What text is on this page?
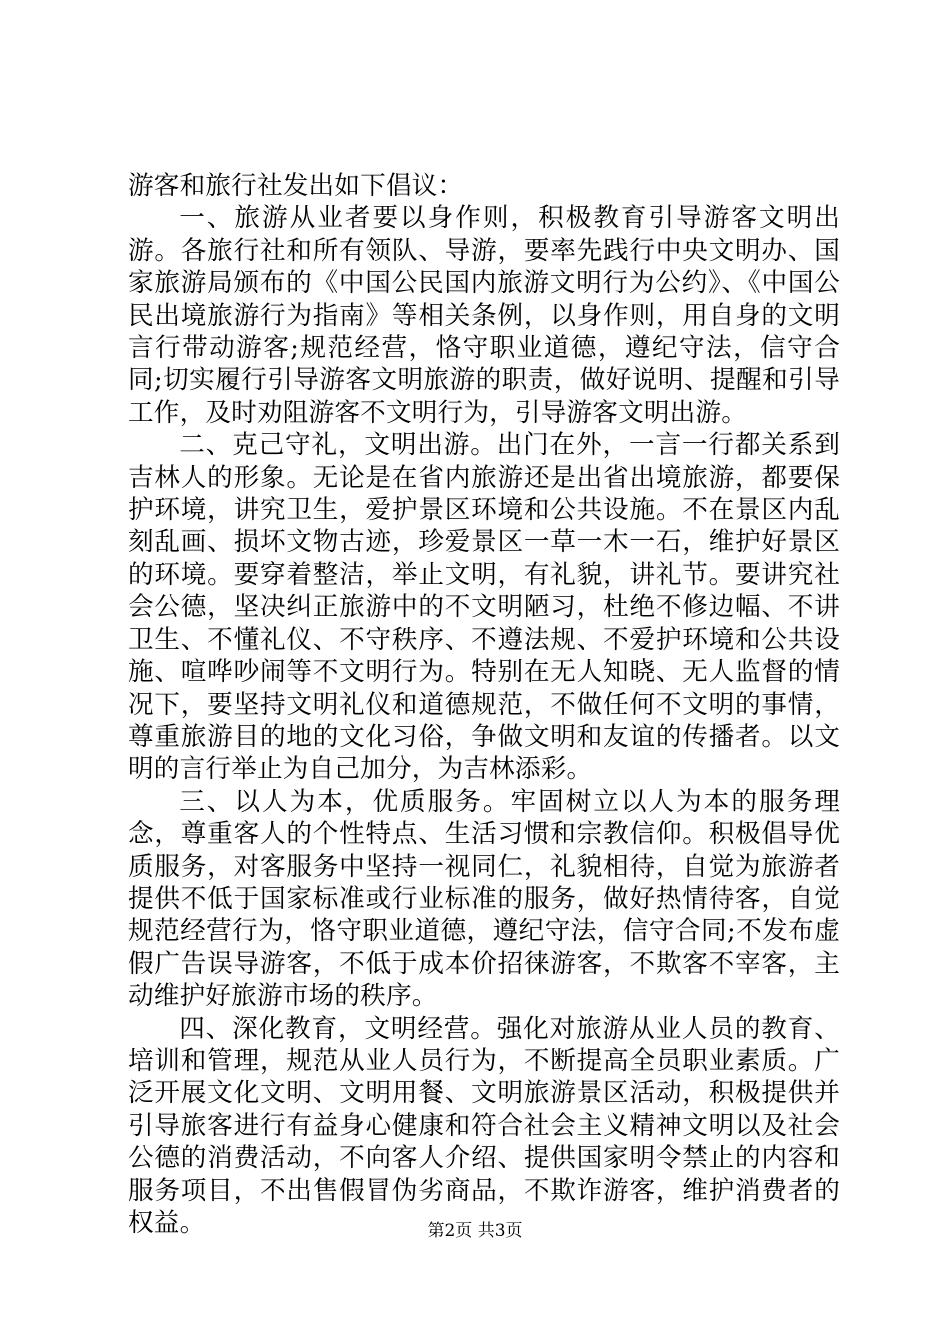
游客和旅行社发出如下倡议：

一、旅游从业者要以身作则，积极教育引导游客文明出游。各旅行社和所有领队、导游，要率先践行中央文明办、国家旅游局颁布的《中国公民国内旅游文明行为公约》、《中国公民出境旅游行为指南》等相关条例，以身作则，用自身的文明言行带动游客;规范经营，恪守职业道德，遵纪守法，信守合同;切实履行引导游客文明旅游的职责，做好说明、提醒和引导工作，及时劝阻游客不文明行为，引导游客文明出游。

二、克己守礼，文明出游。出门在外，一言一行都关系到吉林人的形象。无论是在省内旅游还是出省出境旅游，都要保护环境，讲究卫生，爱护景区环境和公共设施。不在景区内乱刻乱画、损坏文物古迹，珍爱景区一草一木一石，维护好景区的环境。要穿着整洁，举止文明，有礼貌，讲礼节。要讲究社会公德，坚决纠正旅游中的不文明陋习，杜绝不修边幅、不讲卫生、不懂礼仪、不守秩序、不遵法规、不爱护环境和公共设施、喧哗吵闹等不文明行为。特别在无人知晓、无人监督的情况下，要坚持文明礼仪和道德规范，不做任何不文明的事情，尊重旅游目的地的文化习俗，争做文明和友谊的传播者。以文明的言行举止为自己加分，为吉林添彩。

三、以人为本，优质服务。牢固树立以人为本的服务理念，尊重客人的个性特点、生活习惯和宗教信仰。积极倡导优质服务，对客服务中坚持一视同仁，礼貌相待，自觉为旅游者提供不低于国家标准或行业标准的服务，做好热情待客，自觉规范经营行为，恪守职业道德，遵纪守法，信守合同;不发布虚假广告误导游客，不低于成本价招徕游客，不欺客不宰客，主动维护好旅游市场的秩序。

四、深化教育，文明经营。强化对旅游从业人员的教育、培训和管理，规范从业人员行为，不断提高全员职业素质。广泛开展文化文明、文明用餐、文明旅游景区活动，积极提供并引导旅客进行有益身心健康和符合社会主义精神文明以及社会公德的消费活动，不向客人介绍、提供国家明令禁止的内容和服务项目，不出售假冒伪劣商品，不欺诈游客，维护消费者的权益。	第2页 共3页
